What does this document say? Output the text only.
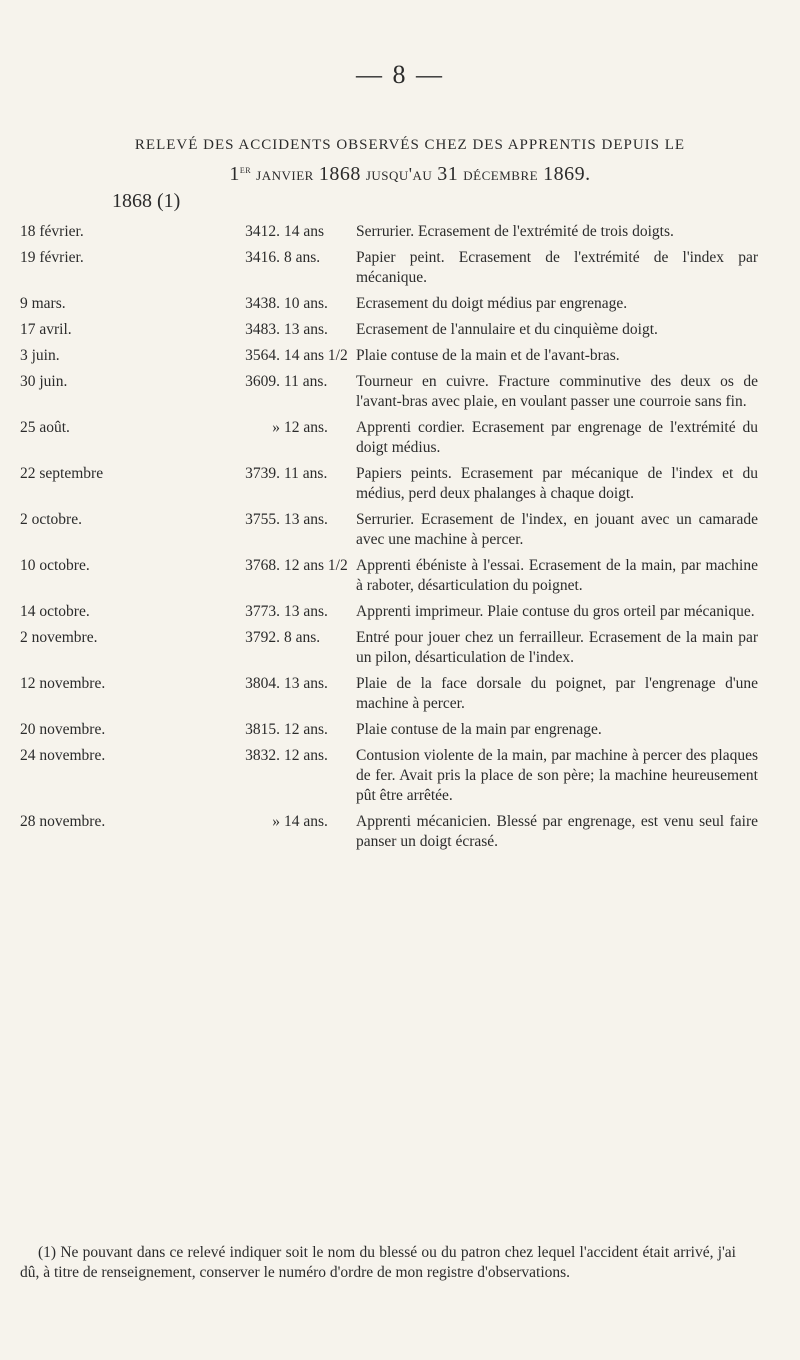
— 8 —
RELEVÉ DES ACCIDENTS OBSERVÉS CHEZ DES APPRENTIS DEPUIS LE
1er janvier 1868 jusqu'au 31 décembre 1869.
1868 (1)
18 février.	3412. 14 ans Serrurier. Ecrasement de l'extrémité de trois doigts.
19 février.	3416. 8 ans. Papier peint. Ecrasement de l'extrémité de l'index par mécanique.
9 mars.	3438. 10 ans. Ecrasement du doigt médius par engrenage.
17 avril.	3483. 13 ans. Ecrasement de l'annulaire et du cinquième doigt.
3 juin.	3564. 14 ans 1/2 Plaie contuse de la main et de l'avant-bras.
30 juin.	3609. 11 ans. Tourneur en cuivre. Fracture comminutive des deux os de l'avant-bras avec plaie, en voulant passer une courroie sans fin.
25 août.	» 12 ans. Apprenti cordier. Ecrasement par engrenage de l'extrémité du doigt médius.
22 septembre	3739. 11 ans. Papiers peints. Ecrasement par mécanique de l'index et du médius, perd deux phalanges à chaque doigt.
2 octobre.	3755. 13 ans. Serrurier. Ecrasement de l'index, en jouant avec un camarade avec une machine à percer.
10 octobre.	3768. 12 ans 1/2 Apprenti ébéniste à l'essai. Ecrasement de la main, par machine à raboter, désarticulation du poignet.
14 octobre.	3773. 13 ans. Apprenti imprimeur. Plaie contuse du gros orteil par mécanique.
2 novembre.	3792. 8 ans. Entré pour jouer chez un ferrailleur. Ecrasement de la main par un pilon, désarticulation de l'index.
12 novembre.	3804. 13 ans. Plaie de la face dorsale du poignet, par l'engrenage d'une machine à percer.
20 novembre.	3815. 12 ans. Plaie contuse de la main par engrenage.
24 novembre.	3832. 12 ans. Contusion violente de la main, par machine à percer des plaques de fer. Avait pris la place de son père; la machine heureusement pût être arrêtée.
28 novembre.	» 14 ans. Apprenti mécanicien. Blessé par engrenage, est venu seul faire panser un doigt écrasé.
(1) Ne pouvant dans ce relevé indiquer soit le nom du blessé ou du patron chez lequel l'accident était arrivé, j'ai dû, à titre de renseignement, conserver le numéro d'ordre de mon registre d'observations.
